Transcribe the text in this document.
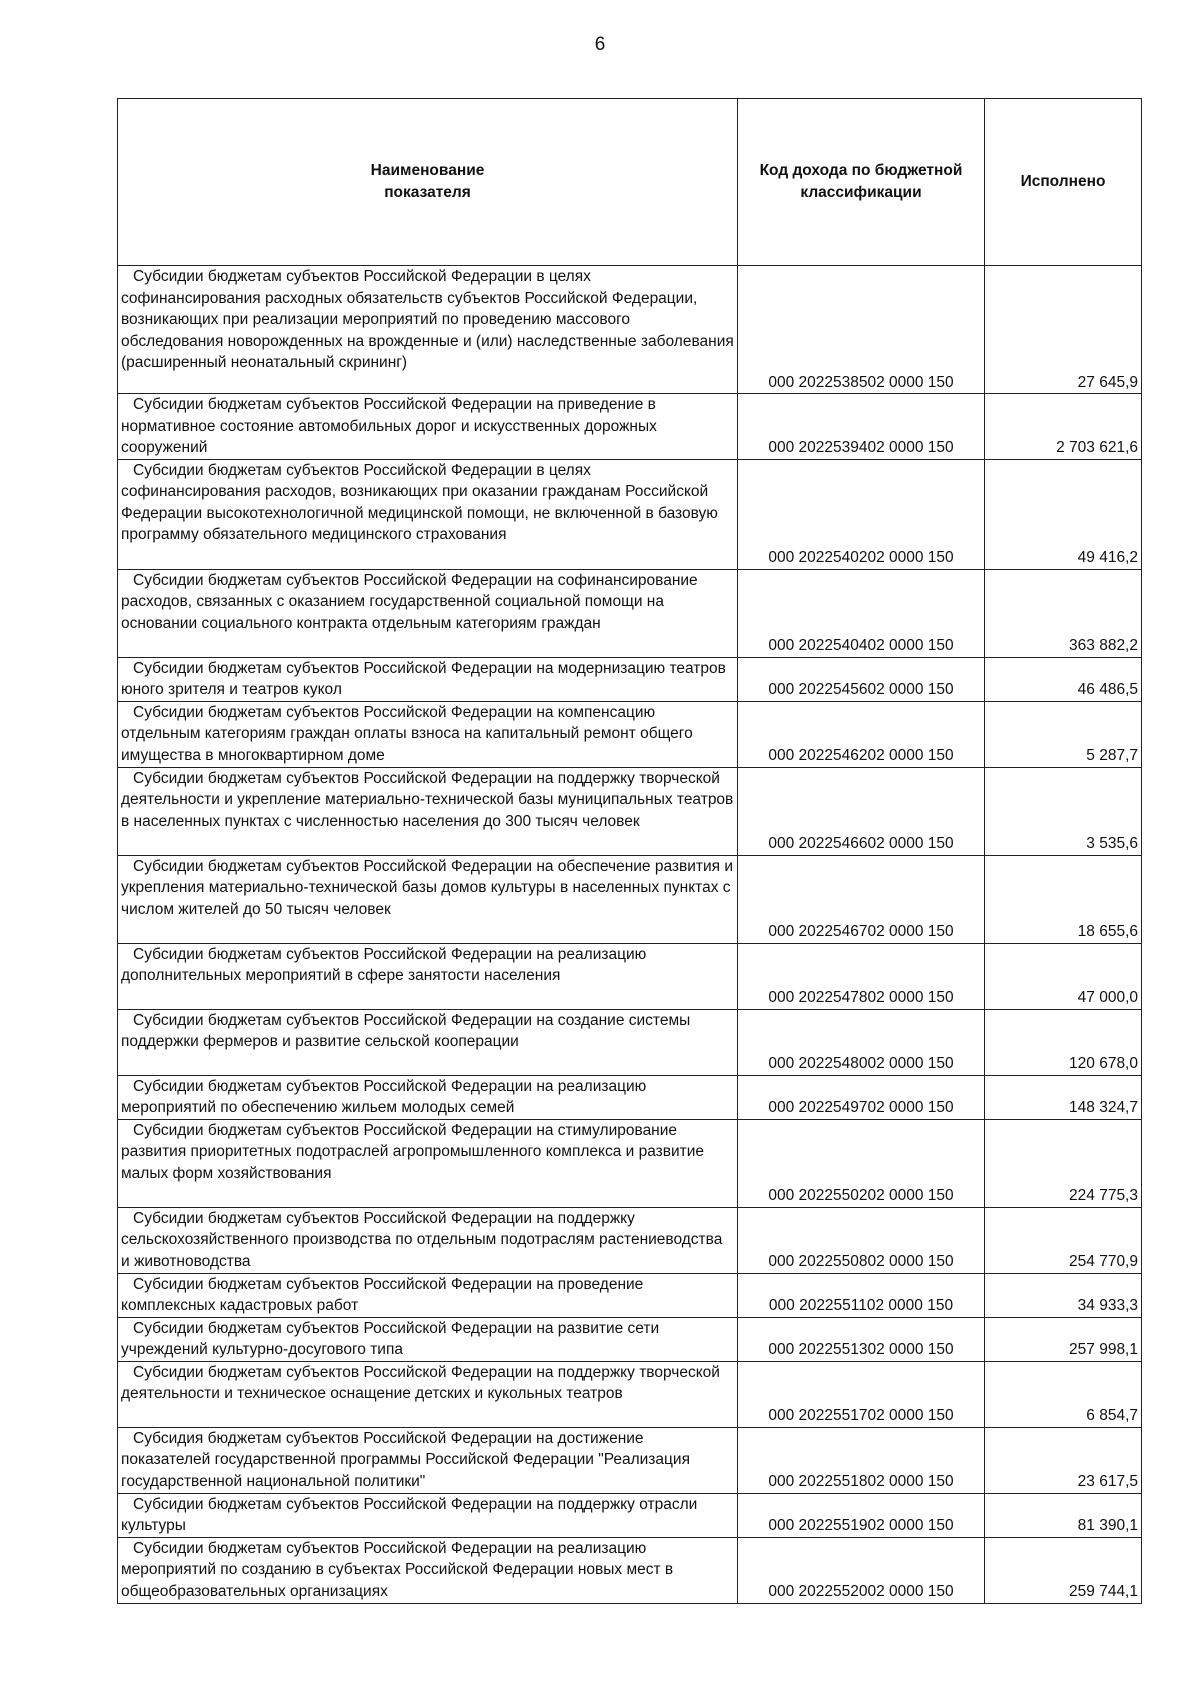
6
Наименование показателя	Код дохода по бюджетной классификации	Исполнено
Субсидии бюджетам субъектов Российской Федерации в целях софинансирования расходных обязательств субъектов Российской Федерации, возникающих при реализации мероприятий по проведению массового обследования новорожденных на врожденные и (или) наследственные заболевания (расширенный неонатальный скрининг)	000 2022538502 0000 150	27 645,9
Субсидии бюджетам субъектов Российской Федерации на приведение в нормативное состояние автомобильных дорог и искусственных дорожных сооружений	000 2022539402 0000 150	2 703 621,6
Субсидии бюджетам субъектов Российской Федерации в целях софинансирования расходов, возникающих при оказании гражданам Российской Федерации высокотехнологичной медицинской помощи, не включенной в базовую программу обязательного медицинского страхования	000 2022540202 0000 150	49 416,2
Субсидии бюджетам субъектов Российской Федерации на софинансирование расходов, связанных с оказанием государственной социальной помощи на основании социального контракта отдельным категориям граждан	000 2022540402 0000 150	363 882,2
Субсидии бюджетам субъектов Российской Федерации на модернизацию театров юного зрителя и театров кукол	000 2022545602 0000 150	46 486,5
Субсидии бюджетам субъектов Российской Федерации на компенсацию отдельным категориям граждан оплаты взноса на капитальный ремонт общего имущества в многоквартирном доме	000 2022546202 0000 150	5 287,7
Субсидии бюджетам субъектов Российской Федерации на поддержку творческой деятельности и укрепление материально-технической базы муниципальных театров в населенных пунктах с численностью населения до 300 тысяч человек	000 2022546602 0000 150	3 535,6
Субсидии бюджетам субъектов Российской Федерации на обеспечение развития и укрепления материально-технической базы домов культуры в населенных пунктах с числом жителей до 50 тысяч человек	000 2022546702 0000 150	18 655,6
Субсидии бюджетам субъектов Российской Федерации на реализацию дополнительных мероприятий в сфере занятости населения	000 2022547802 0000 150	47 000,0
Субсидии бюджетам субъектов Российской Федерации на создание системы поддержки фермеров и развитие сельской кооперации	000 2022548002 0000 150	120 678,0
Субсидии бюджетам субъектов Российской Федерации на реализацию мероприятий по обеспечению жильем молодых семей	000 2022549702 0000 150	148 324,7
Субсидии бюджетам субъектов Российской Федерации на стимулирование развития приоритетных подотраслей агропромышленного комплекса и развитие малых форм хозяйствования	000 2022550202 0000 150	224 775,3
Субсидии бюджетам субъектов Российской Федерации на поддержку сельскохозяйственного производства по отдельным подотраслям растениеводства и животноводства	000 2022550802 0000 150	254 770,9
Субсидии бюджетам субъектов Российской Федерации на проведение комплексных кадастровых работ	000 2022551102 0000 150	34 933,3
Субсидии бюджетам субъектов Российской Федерации на развитие сети учреждений культурно-досугового типа	000 2022551302 0000 150	257 998,1
Субсидии бюджетам субъектов Российской Федерации на поддержку творческой деятельности и техническое оснащение детских и кукольных театров	000 2022551702 0000 150	6 854,7
Субсидия бюджетам субъектов Российской Федерации на достижение показателей государственной программы Российской Федерации "Реализация государственной национальной политики"	000 2022551802 0000 150	23 617,5
Субсидии бюджетам субъектов Российской Федерации на поддержку отрасли культуры	000 2022551902 0000 150	81 390,1
Субсидии бюджетам субъектов Российской Федерации на реализацию мероприятий по созданию в субъектах Российской Федерации новых мест в общеобразовательных организациях	000 2022552002 0000 150	259 744,1
